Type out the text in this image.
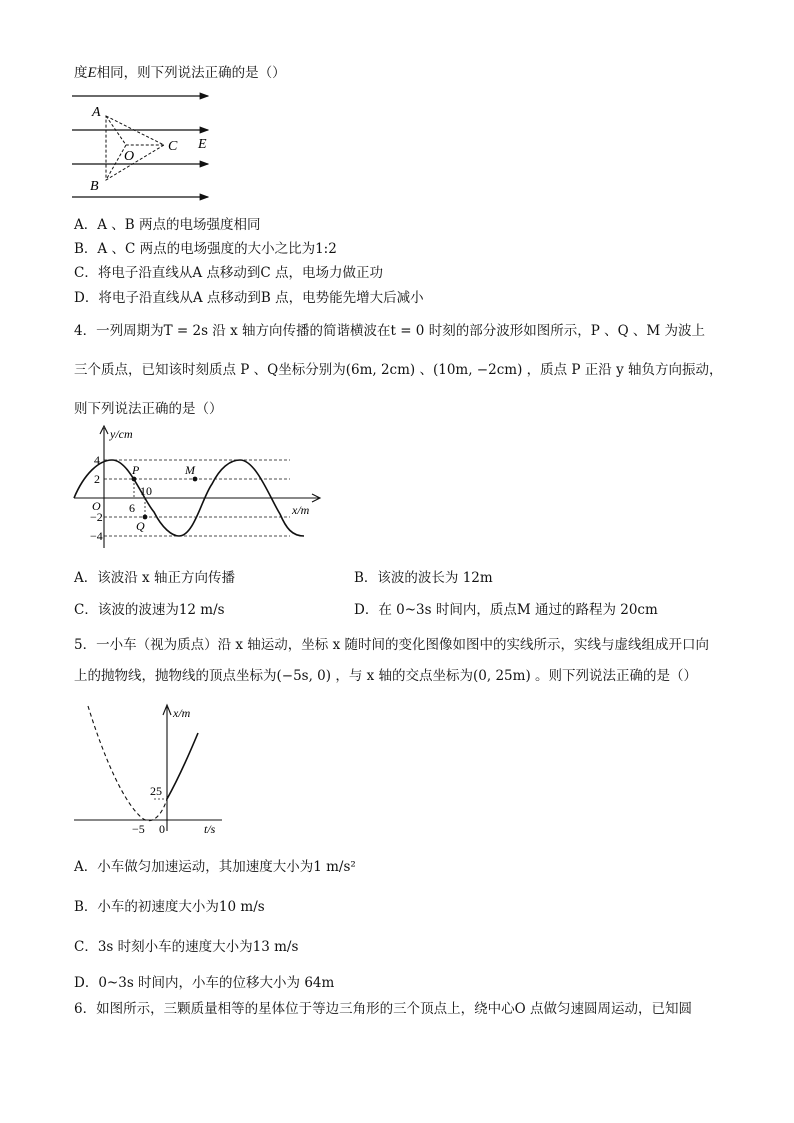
度E相同，则下列说法正确的是（）
A
B
C
O
E
A．A 、B 两点的电场强度相同
B．A 、C 两点的电场强度的大小之比为1:2
C．将电子沿直线从A 点移动到C 点，电场力做正功
D．将电子沿直线从A 点移动到B 点，电势能先增大后减小
4．一列周期为T = 2s 沿 x 轴方向传播的简谐横波在t = 0 时刻的部分波形如图所示，P 、Q 、M 为波上
三个质点，已知该时刻质点 P 、Q坐标分别为(6m, 2cm) 、(10m, −2cm) ，质点 P 正沿 y 轴负方向振动，
则下列说法正确的是（）
y/cm
x/m
4
2
−2
−4
O 6
10
P
Q
M
A．该波沿 x 轴正方向传播	B．该波的波长为 12m
C．该波的波速为12 m/s	D．在 0~3s 时间内，质点M 通过的路程为 20cm
5．一小车（视为质点）沿 x 轴运动，坐标 x 随时间的变化图像如图中的实线所示，实线与虚线组成开口向
上的抛物线，抛物线的顶点坐标为(−5s, 0) ，与 x 轴的交点坐标为(0, 25m) 。则下列说法正确的是（）
x/m
t/s
25
−5 0
A．小车做匀加速运动，其加速度大小为1 m/s²
B．小车的初速度大小为10 m/s
C．3s 时刻小车的速度大小为13 m/s
D．0~3s 时间内，小车的位移大小为 64m
6．如图所示，三颗质量相等的星体位于等边三角形的三个顶点上，绕中心O 点做匀速圆周运动，已知圆
